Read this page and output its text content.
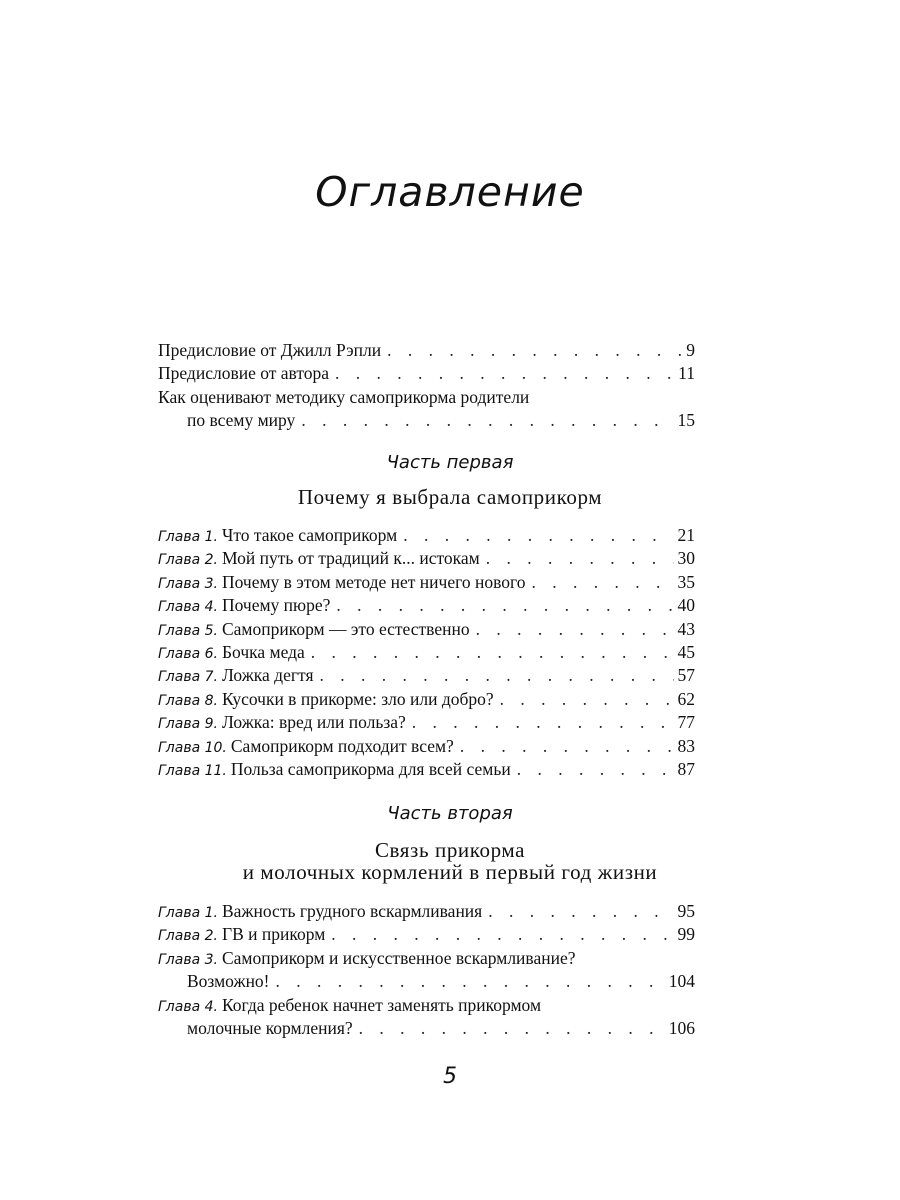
Оглавление
Предисловие от Джилл Рэпли . . .	9
Предисловие от автора . . .	11
Как оценивают методику самоприкорма родители
по всему миру . . .	15
Часть первая
Почему я выбрала самоприкорм
Глава 1. Что такое самоприкорм . . .	21
Глава 2. Мой путь от традиций к... истокам . . .	30
Глава 3. Почему в этом методе нет ничего нового . . .	35
Глава 4. Почему пюре? . . .	40
Глава 5. Самоприкорм — это естественно . . .	43
Глава 6. Бочка меда . . .	45
Глава 7. Ложка дегтя . . .	57
Глава 8. Кусочки в прикорме: зло или добро? . . .	62
Глава 9. Ложка: вред или польза? . . .	77
Глава 10. Самоприкорм подходит всем? . . .	83
Глава 11. Польза самоприкорма для всей семьи . . .	87
Часть вторая
Связь прикорма
и молочных кормлений в первый год жизни
Глава 1. Важность грудного вскармливания . . .	95
Глава 2. ГВ и прикорм . . .	99
Глава 3. Самоприкорм и искусственное вскармливание?
Возможно! . . .	104
Глава 4. Когда ребенок начнет заменять прикормом
молочные кормления? . . .	106
5
